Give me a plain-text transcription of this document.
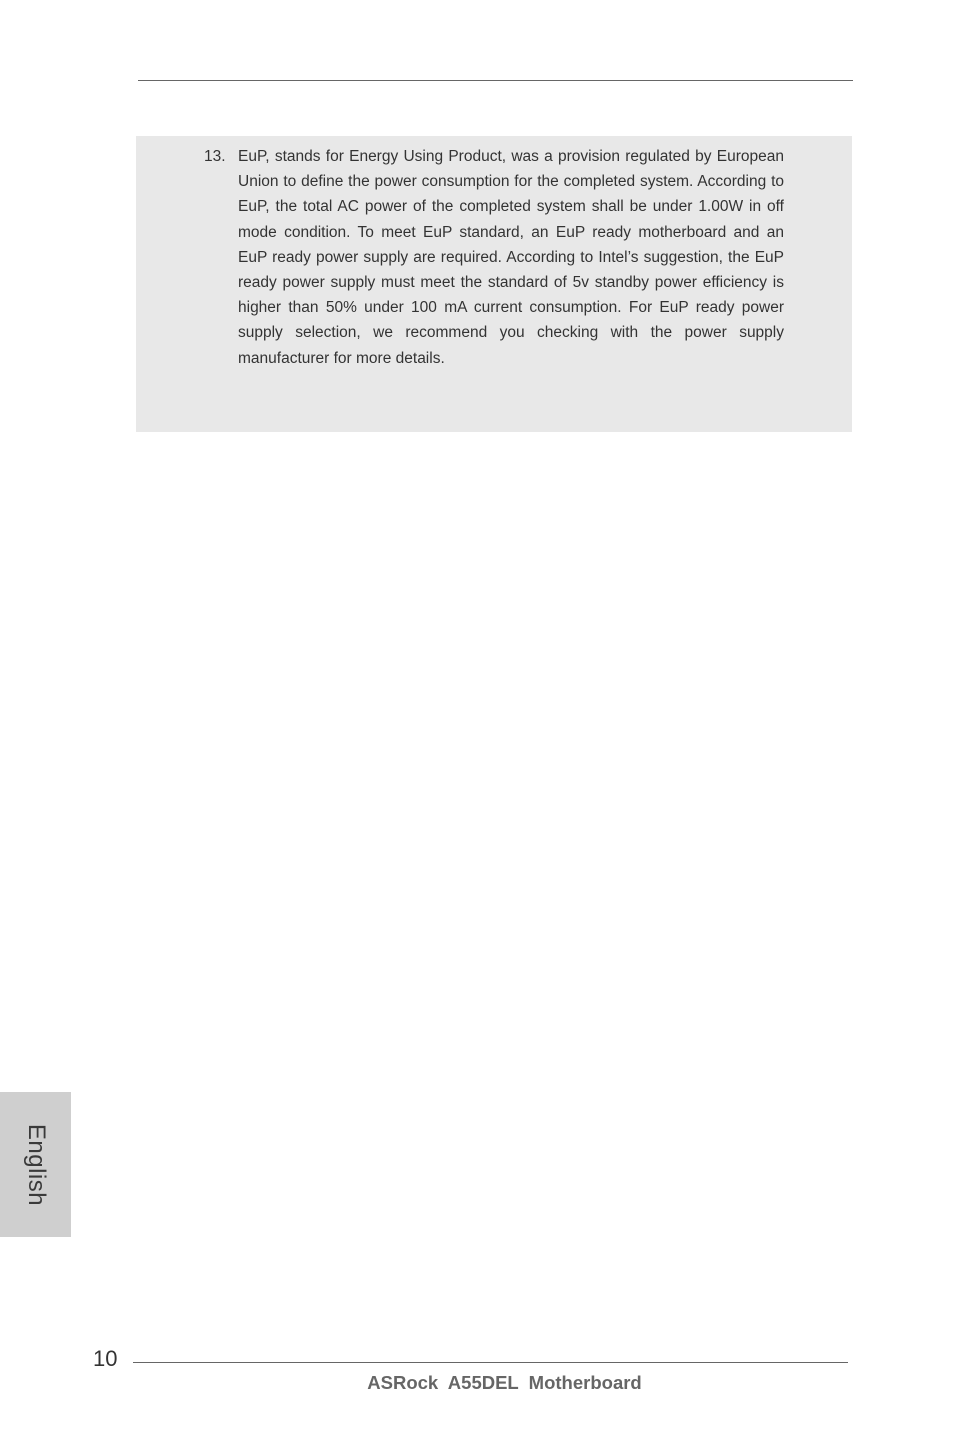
13. EuP, stands for Energy Using Product, was a provision regulated by European Union to define the power consumption for the completed system. According to EuP, the total AC power of the completed system shall be under 1.00W in off mode condition. To meet EuP standard, an EuP ready motherboard and an EuP ready power supply are required. According to Intel’s suggestion, the EuP ready power supply must meet the standard of 5v standby power efficiency is higher than 50% under 100 mA current consumption. For EuP ready power supply selection, we recommend you checking with the power supply manufacturer for more details.
English
10
ASRock  A55DEL  Motherboard
